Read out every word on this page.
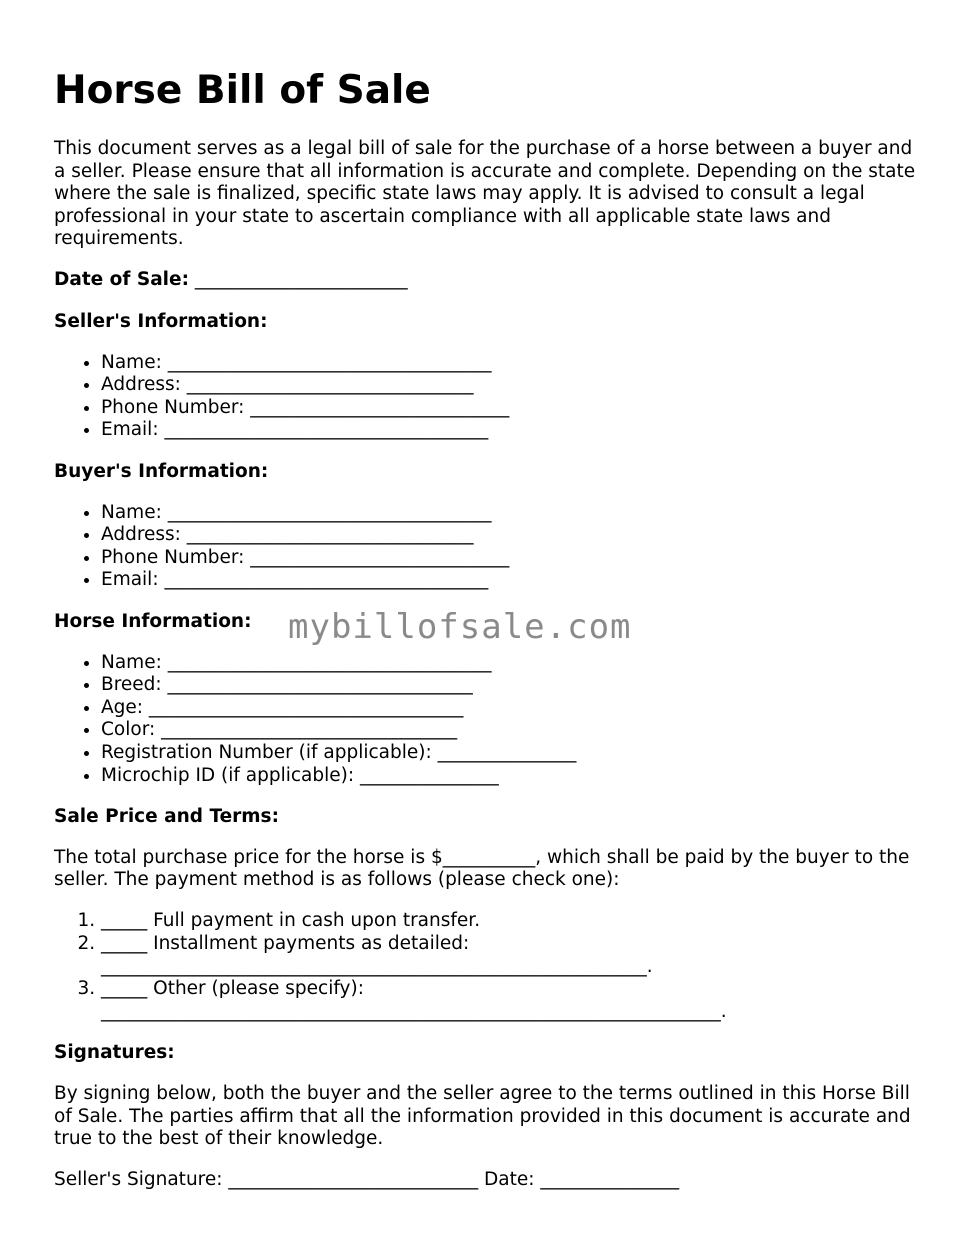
Horse Bill of Sale

This document serves as a legal bill of sale for the purchase of a horse between a buyer and a seller. Please ensure that all information is accurate and complete. Depending on the state where the sale is finalized, specific state laws may apply. It is advised to consult a legal professional in your state to ascertain compliance with all applicable state laws and requirements.

Date of Sale: _______________________

Seller's Information:
• Name: ___________________________________
• Address: _______________________________
• Phone Number: ____________________________
• Email: ___________________________________
Buyer's Information:
• Name: ___________________________________
• Address: _______________________________
• Phone Number: ____________________________
• Email: ___________________________________
Horse Information:
• Name: ___________________________________
• Breed: _________________________________
• Age: __________________________________
• Color: ________________________________
• Registration Number (if applicable): _______________
• Microchip ID (if applicable): _______________
Sale Price and Terms:

The total purchase price for the horse is $__________, which shall be paid by the buyer to the seller. The payment method is as follows (please check one):

1. _____ Full payment in cash upon transfer.
2. _____ Installment payments as detailed: ___________________________________________________________.
3. _____ Other (please specify): ___________________________________________________________________.
Signatures:

By signing below, both the buyer and the seller agree to the terms outlined in this Horse Bill of Sale. The parties affirm that all the information provided in this document is accurate and true to the best of their knowledge.

Seller's Signature: ___________________________ Date: _______________

mybillofsale.com
